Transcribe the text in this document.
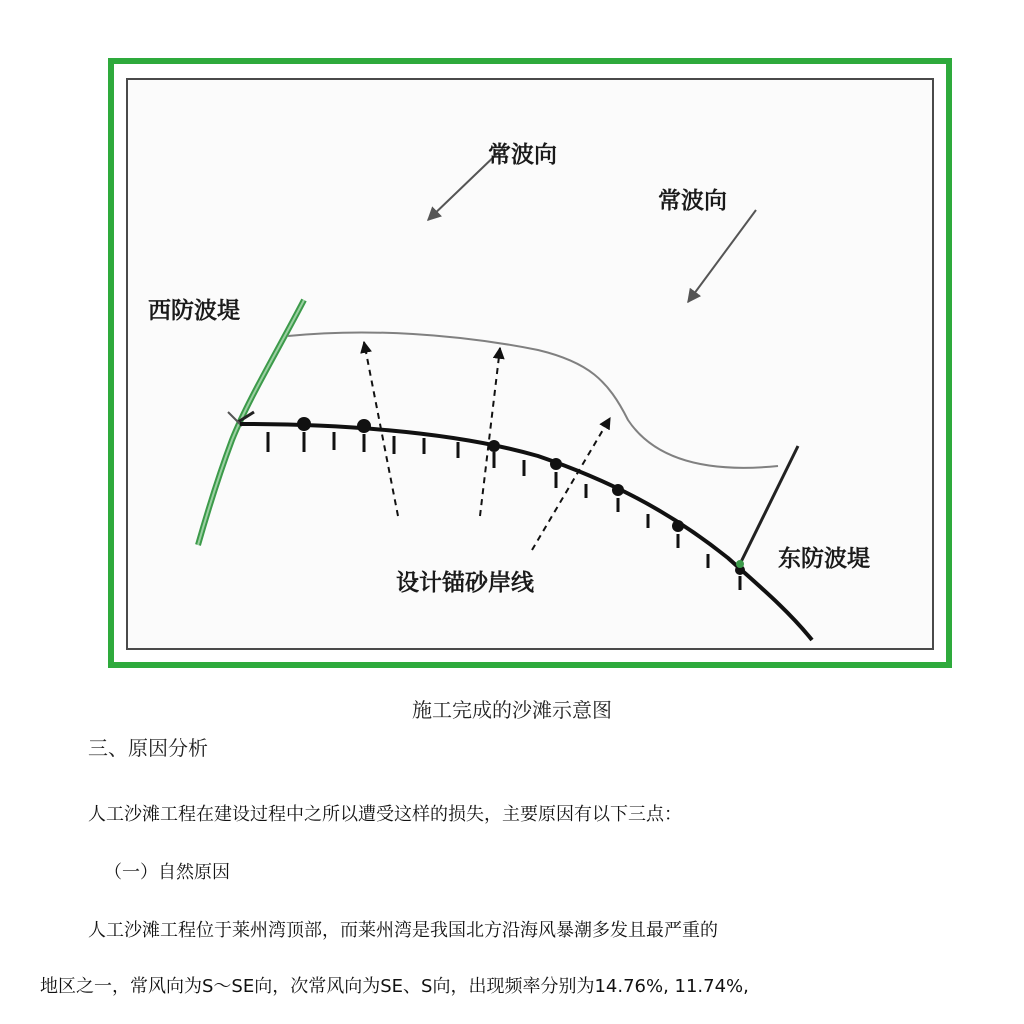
常波向
常波向
西防波堤
东防波堤
设计锚砂岸线
施工完成的沙滩示意图
三、原因分析
人工沙滩工程在建设过程中之所以遭受这样的损失，主要原因有以下三点：
（一）自然原因
人工沙滩工程位于莱州湾顶部，而莱州湾是我国北方沿海风暴潮多发且最严重的
地区之一，常风向为S～SE向，次常风向为SE、S向，出现频率分别为14.76%, 11.74%,
